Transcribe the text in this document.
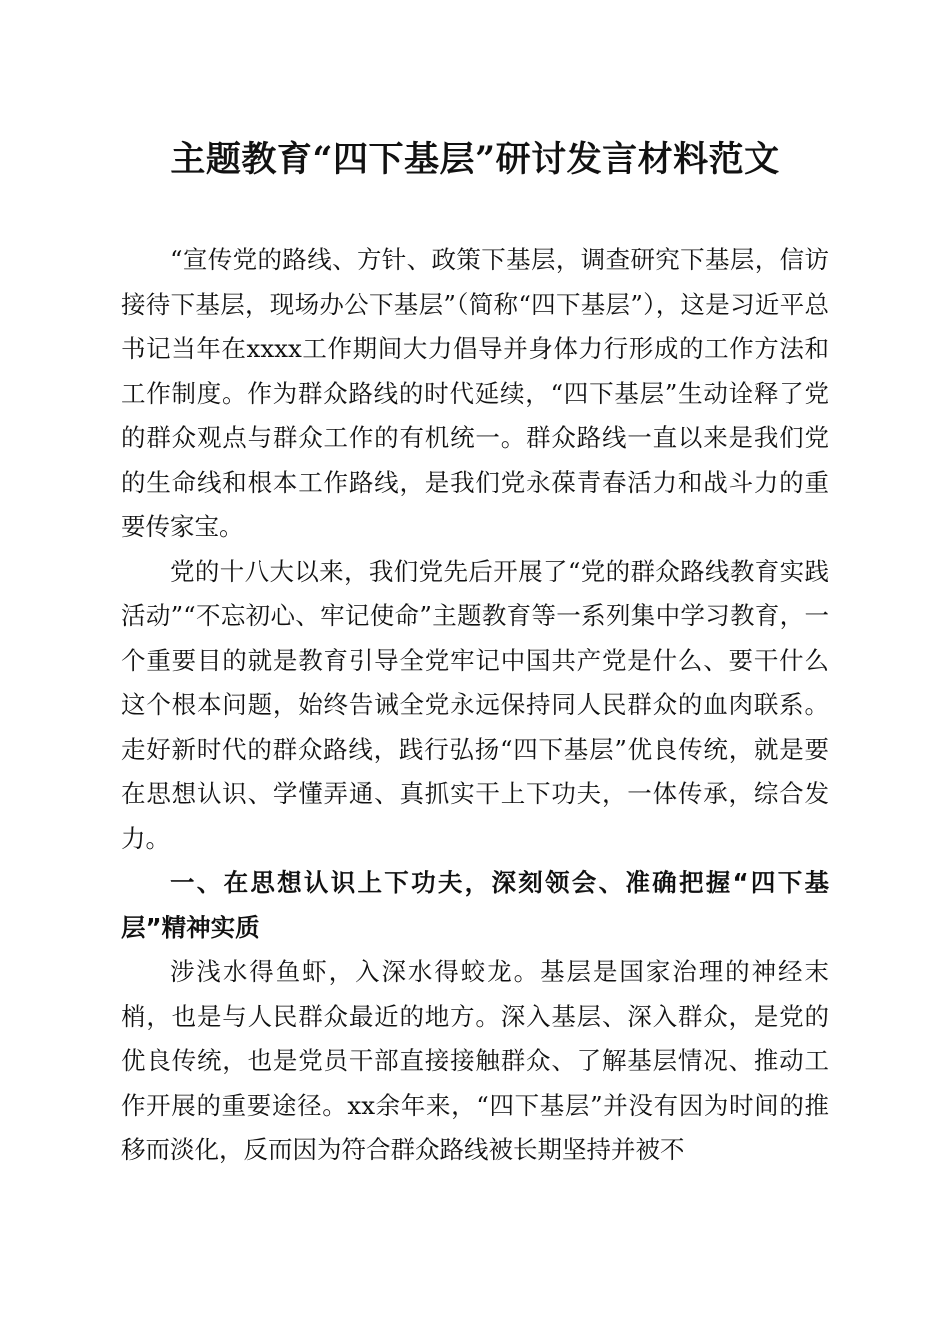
主题教育“四下基层”研讨发言材料范文

“宣传党的路线、方针、政策下基层，调查研究下基层，信访接待下基层，现场办公下基层”（简称“四下基层”），这是习近平总书记当年在xxxx工作期间大力倡导并身体力行形成的工作方法和工作制度。作为群众路线的时代延续，“四下基层”生动诠释了党的群众观点与群众工作的有机统一。群众路线一直以来是我们党的生命线和根本工作路线，是我们党永葆青春活力和战斗力的重要传家宝。

党的十八大以来，我们党先后开展了“党的群众路线教育实践活动”“不忘初心、牢记使命”主题教育等一系列集中学习教育，一个重要目的就是教育引导全党牢记中国共产党是什么、要干什么这个根本问题，始终告诫全党永远保持同人民群众的血肉联系。走好新时代的群众路线，践行弘扬“四下基层”优良传统，就是要在思想认识、学懂弄通、真抓实干上下功夫，一体传承，综合发力。

一、在思想认识上下功夫，深刻领会、准确把握“四下基层”精神实质

涉浅水得鱼虾，入深水得蛟龙。基层是国家治理的神经末梢，也是与人民群众最近的地方。深入基层、深入群众，是党的优良传统，也是党员干部直接接触群众、了解基层情况、推动工作开展的重要途径。xx余年来，“四下基层”并没有因为时间的推移而淡化，反而因为符合群众路线被长期坚持并被不
